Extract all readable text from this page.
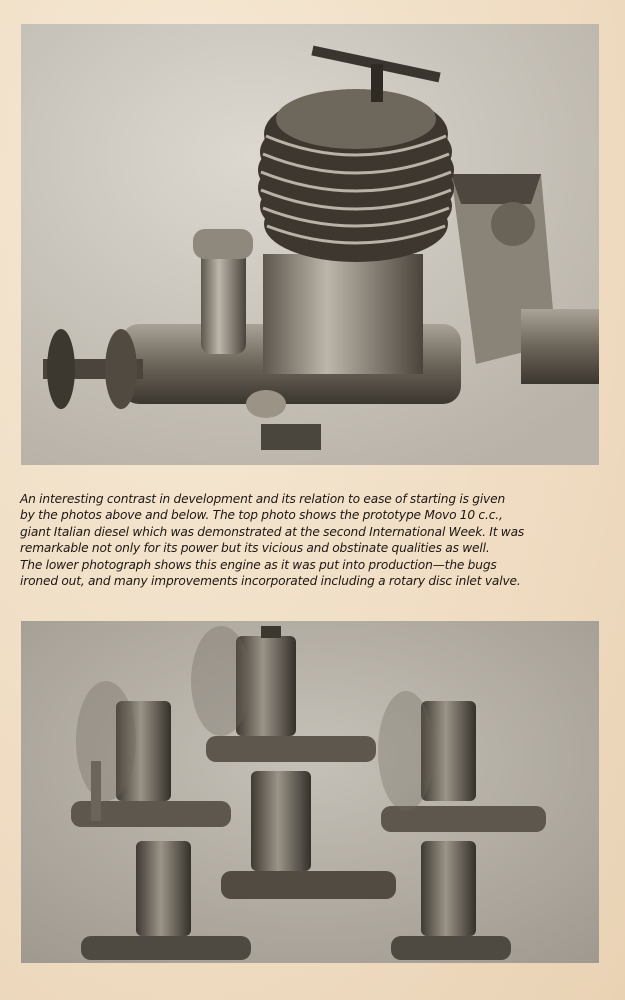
An interesting contrast in development and its relation to ease of starting is given
by the photos above and below. The top photo shows the prototype Movo 10 c.c.,
giant Italian diesel which was demonstrated at the second International Week. It was
remarkable not only for its power but its vicious and obstinate qualities as well.
The lower photograph shows this engine as it was put into production—the bugs
ironed out, and many improvements incorporated including a rotary disc inlet valve.
